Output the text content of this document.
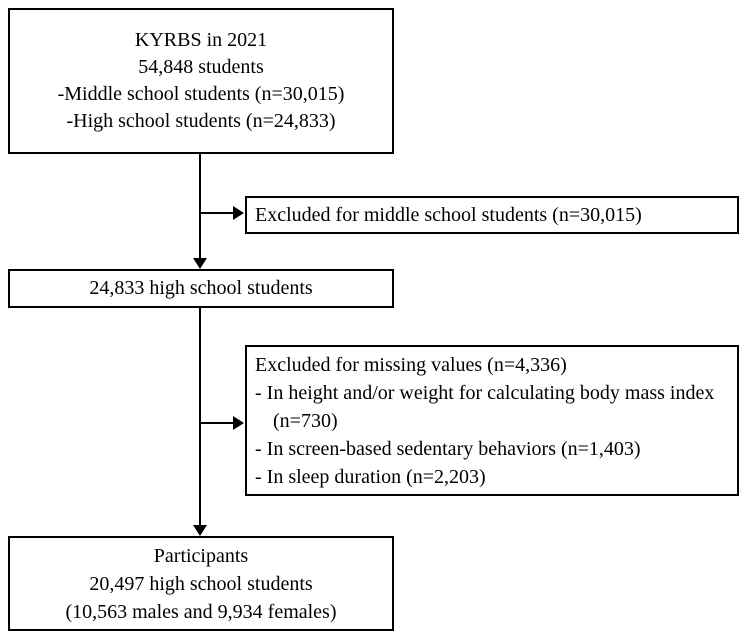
KYRBS in 2021
54,848 students
-Middle school students (n=30,015)
-High school students (n=24,833)
Excluded for middle school students (n=30,015)
24,833 high school students
Excluded for missing values (n=4,336)
- In height and/or weight for calculating body mass index (n=730)
- In screen-based sedentary behaviors (n=1,403)
- In sleep duration (n=2,203)
Participants
20,497 high school students
(10,563 males and 9,934 females)
